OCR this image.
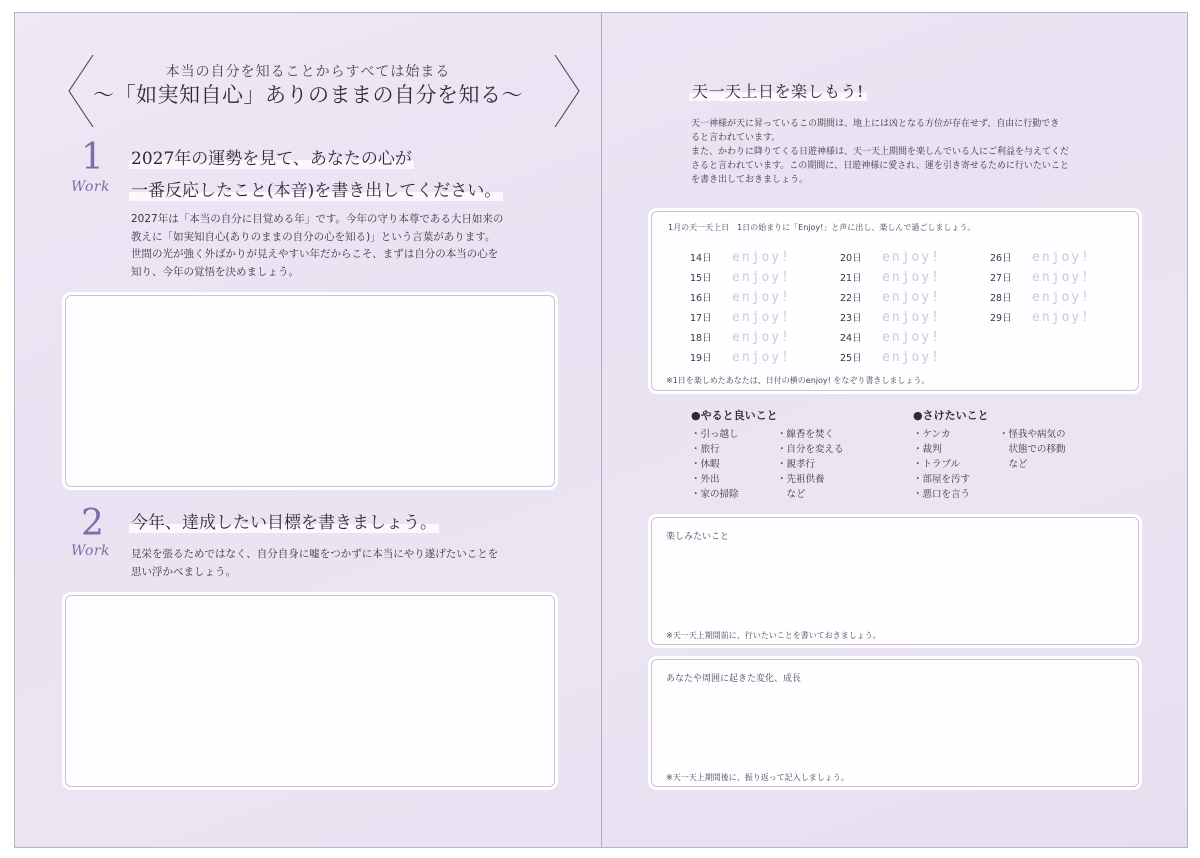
本当の自分を知ることからすべては始まる
〜「如実知自心」ありのままの自分を知る〜
1
Work
2027年の運勢を見て、あなたの心が
一番反応したこと(本音)を書き出してください。
2027年は「本当の自分に目覚める年」です。今年の守り本尊である大日如来の
教えに「如実知自心(ありのままの自分の心を知る)」という言葉があります。
世間の光が強く外ばかりが見えやすい年だからこそ、まずは自分の本当の心を
知り、今年の覚悟を決めましょう。
2
Work
今年、達成したい目標を書きましょう。
見栄を張るためではなく、自分自身に嘘をつかずに本当にやり遂げたいことを
思い浮かべましょう。
天一天上日を楽しもう!
天一神様が天に昇っているこの期間は、地上には凶となる方位が存在せず、自由に行動でき
ると言われています。
また、かわりに降りてくる日遊神様は、天一天上期間を楽しんでいる人にご利益を与えてくだ
さると言われています。この期間に、日遊神様に愛され、運を引き寄せるために行いたいこと
を書き出しておきましょう。
1月の天一天上日　1日の始まりに「Enjoy!」と声に出し、楽しんで過ごしましょう。
14日 enjoy!
15日 enjoy!
16日 enjoy!
17日 enjoy!
18日 enjoy!
19日 enjoy!
20日 enjoy!
21日 enjoy!
22日 enjoy!
23日 enjoy!
24日 enjoy!
25日 enjoy!
26日 enjoy!
27日 enjoy!
28日 enjoy!
29日 enjoy!
※1日を楽しめたあなたは、日付の横のenjoy! をなぞり書きしましょう。
●やると良いこと
・引っ越し
・旅行
・休暇
・外出
・家の掃除
・線香を焚く
・自分を変える
・親孝行
・先祖供養
　など
●さけたいこと
・ケンカ
・裁判
・トラブル
・部屋を汚す
・悪口を言う
・怪我や病気の
　状態での移動
　など
楽しみたいこと
※天一天上期間前に、行いたいことを書いておきましょう。
あなたや周囲に起きた変化、成長
※天一天上期間後に、振り返って記入しましょう。
